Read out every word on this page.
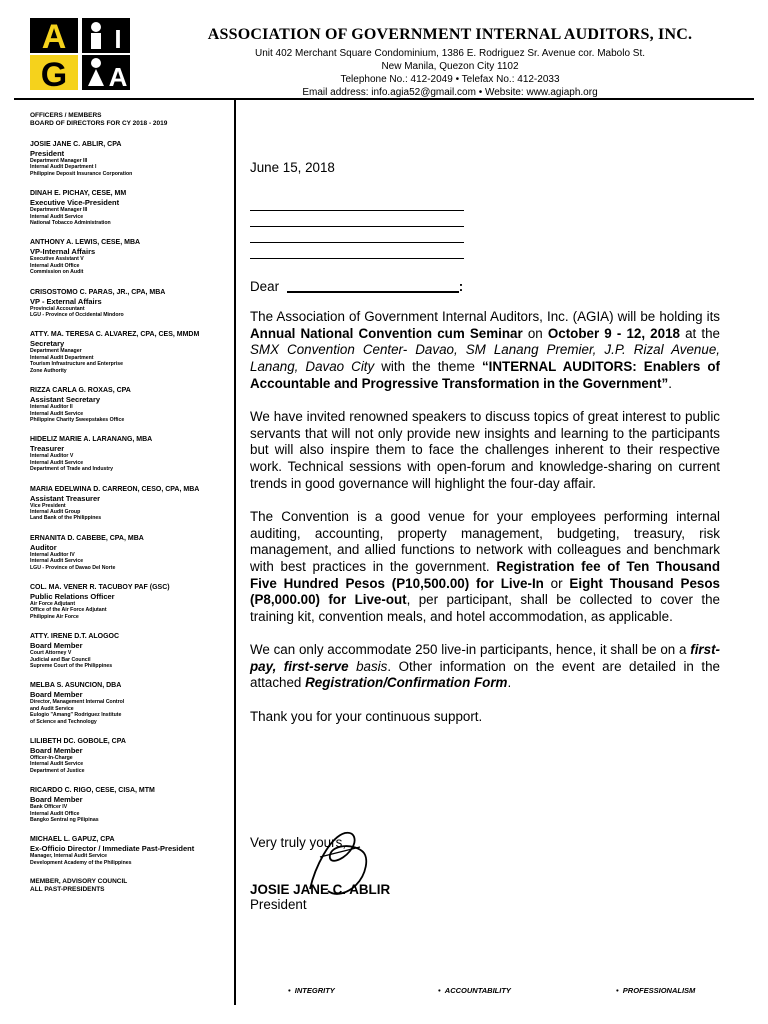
A
G
I
A
ASSOCIATION OF GOVERNMENT INTERNAL AUDITORS, INC.
Unit 402 Merchant Square Condominium, 1386 E. Rodriguez Sr. Avenue cor. Mabolo St.
New Manila, Quezon City 1102
Telephone No.: 412-2049 • Telefax No.: 412-2033
Email address: info.agia52@gmail.com • Website: www.agiaph.org
OFFICERS / MEMBERS
BOARD OF DIRECTORS FOR CY 2018 - 2019
JOSIE JANE C. ABLIR, CPA
President
Department Manager III
Internal Audit Department I
Philippine Deposit Insurance Corporation
DINAH E. PICHAY, CESE, MM
Executive Vice-President
Department Manager III
Internal Audit Service
National Tobacco Administration
ANTHONY A. LEWIS, CESE, MBA
VP-Internal Affairs
Executive Assistant V
Internal Audit Office
Commission on Audit
CRISOSTOMO C. PARAS, JR., CPA, MBA
VP - External Affairs
Provincial Accountant
LGU - Province of Occidental Mindoro
ATTY. MA. TERESA C. ALVAREZ, CPA, CES, MMDM
Secretary
Department Manager
Internal Audit Department
Tourism Infrastructure and Enterprise
Zone Authority
RIZZA CARLA G. ROXAS, CPA
Assistant Secretary
Internal Auditor II
Internal Audit Service
Philippine Charity Sweepstakes Office
HIDELIZ MARIE A. LARANANG, MBA
Treasurer
Internal Auditor V
Internal Audit Service
Department of Trade and Industry
MARIA EDELWINA D. CARREON, CESO, CPA, MBA
Assistant Treasurer
Vice President
Internal Audit Group
Land Bank of the Philippines
ERNANITA D. CABEBE, CPA, MBA
Auditor
Internal Auditor IV
Internal Audit Service
LGU - Province of Davao Del Norte
COL. MA. VENER R. TACUBOY PAF (GSC)
Public Relations Officer
Air Force Adjutant
Office of the Air Force Adjutant
Philippine Air Force
ATTY. IRENE D.T. ALOGOC
Board Member
Court Attorney V
Judicial and Bar Council
Supreme Court of the Philippines
MELBA S. ASUNCION, DBA
Board Member
Director, Management Internal Control
and Audit Service
Eulogio "Amang" Rodriguez Institute
of Science and Technology
LILIBETH DC. GOBOLE, CPA
Board Member
Officer-In-Charge
Internal Audit Service
Department of Justice
RICARDO C. RIGO, CESE, CISA, MTM
Board Member
Bank Officer IV
Internal Audit Office
Bangko Sentral ng Pilipinas
MICHAEL L. GAPUZ, CPA
Ex-Officio Director / Immediate Past-President
Manager, Internal Audit Service
Development Academy of the Philippines
MEMBER, ADVISORY COUNCIL
ALL PAST-PRESIDENTS
June 15, 2018
Dear	:

The Association of Government Internal Auditors, Inc. (AGIA) will be holding its Annual National Convention cum Seminar on October 9 - 12, 2018 at the SMX Convention Center- Davao, SM Lanang Premier, J.P. Rizal Avenue, Lanang, Davao City with the theme “INTERNAL AUDITORS: Enablers of Accountable and Progressive Transformation in the Government”.

We have invited renowned speakers to discuss topics of great interest to public servants that will not only provide new insights and learning to the participants but will also inspire them to face the challenges inherent to their respective work. Technical sessions with open-forum and knowledge-sharing on current trends in good governance will highlight the four-day affair.

The Convention is a good venue for your employees performing internal auditing, accounting, property management, budgeting, treasury, risk management, and allied functions to network with colleagues and benchmark with best practices in the government. Registration fee of Ten Thousand Five Hundred Pesos (P10,500.00) for Live-In or Eight Thousand Pesos (P8,000.00) for Live-out, per participant, shall be collected to cover the training kit, convention meals, and hotel accommodation, as applicable.

We can only accommodate 250 live-in participants, hence, it shall be on a first-pay, first-serve basis. Other information on the event are detailed in the attached Registration/Confirmation Form.

Thank you for your continuous support.

Very truly yours,
JOSIE JANE C. ABLIR
President
•  INTEGRITY	•  ACCOUNTABILITY	•  PROFESSIONALISM
